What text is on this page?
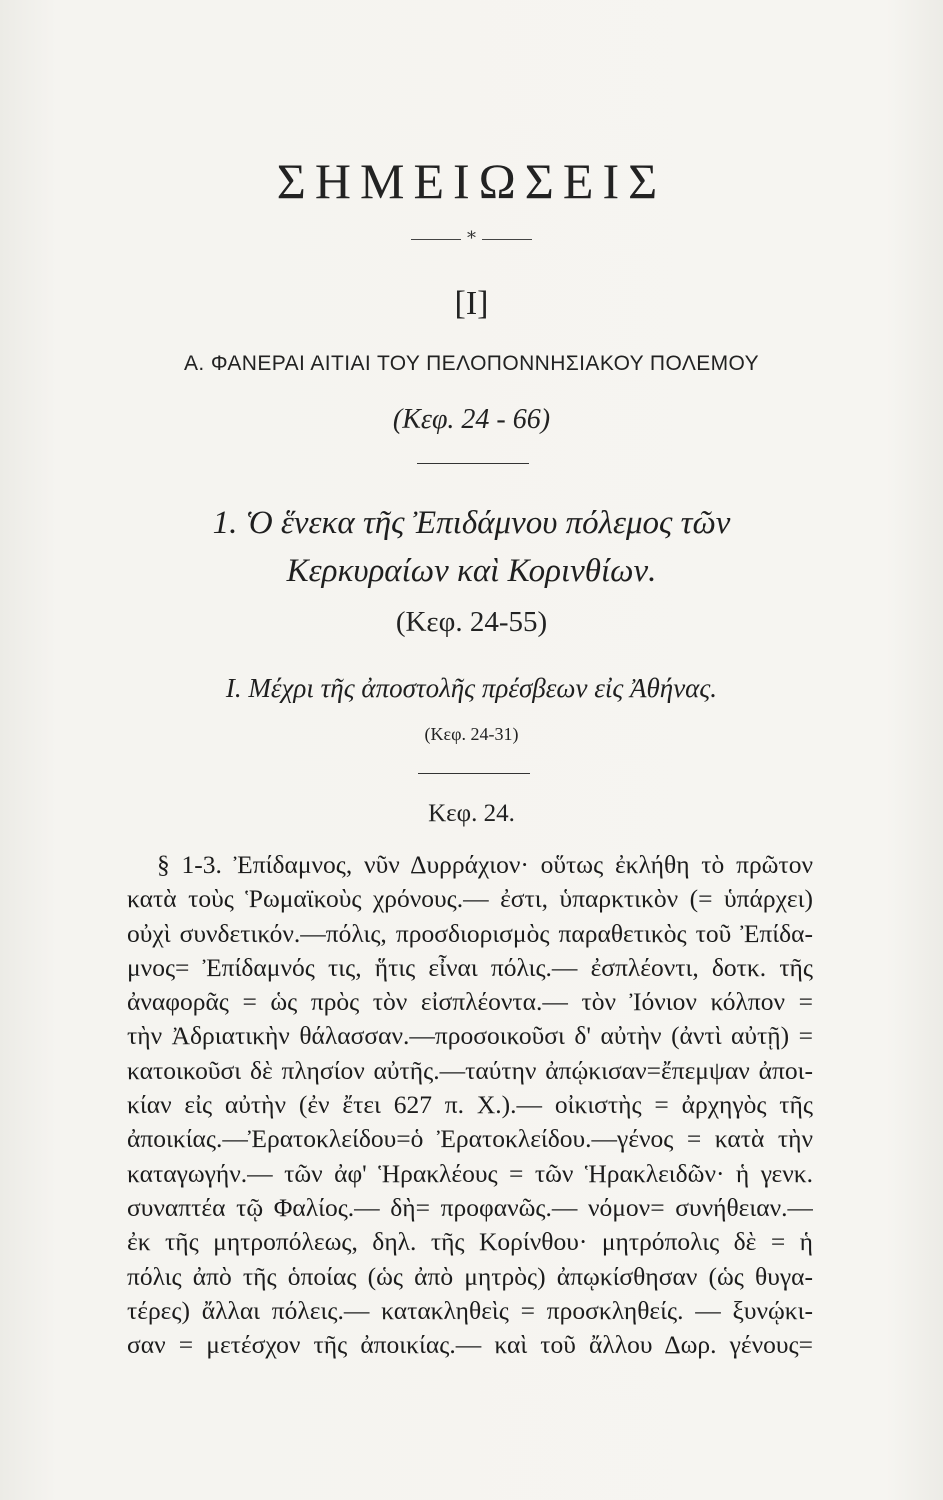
ΣΗΜΕΙΩΣΕΙΣ
*
[I]
Α. ΦΑΝΕΡΑΙ ΑΙΤΙΑΙ ΤΟΥ ΠΕΛΟΠΟΝΝΗΣΙΑΚΟΥ ΠΟΛΕΜΟΥ
(Κεφ. 24 - 66)
1. Ὁ ἕνεκα τῆς Ἐπιδάμνου πόλεμος τῶν
Κερκυραίων καὶ Κορινθίων.
(Κεφ. 24-55)
Ι. Μέχρι τῆς ἀποστολῆς πρέσβεων εἰς Ἀθήνας.
(Κεφ. 24-31)
Κεφ. 24.
§ 1-3. Ἐπίδαμνος, νῦν Δυρράχιον· οὕτως ἐκλήθη τὸ πρῶτον
κατὰ τοὺς Ῥωμαϊκοὺς χρόνους.— ἐστι, ὑπαρκτικὸν (= ὑπάρχει)
οὐχὶ συνδετικόν.—πόλις, προσδιορισμὸς παραθετικὸς τοῦ Ἐπίδα-
μνος= Ἐπίδαμνός τις, ἥτις εἶναι πόλις.— ἐσπλέοντι, δοτκ. τῆς
ἀναφορᾶς = ὡς πρὸς τὸν εἰσπλέοντα.— τὸν Ἰόνιον κόλπον =
τὴν Ἀδριατικὴν θάλασσαν.—προσοικοῦσι δ' αὐτὴν (ἀντὶ αὐτῇ) =
κατοικοῦσι δὲ πλησίον αὐτῆς.—ταύτην ἀπῴκισαν=ἔπεμψαν ἀποι-
κίαν εἰς αὐτὴν (ἐν ἔτει 627 π. Χ.).— οἰκιστὴς = ἀρχηγὸς τῆς
ἀποικίας.—Ἐρατοκλείδου=ὁ Ἐρατοκλείδου.—γένος = κατὰ τὴν
καταγωγήν.— τῶν ἀφ' Ἡρακλέους = τῶν Ἡρακλειδῶν· ἡ γενκ.
συναπτέα τῷ Φαλίος.— δὴ= προφανῶς.— νόμον= συνήθειαν.—
ἐκ τῆς μητροπόλεως, δηλ. τῆς Κορίνθου· μητρόπολις δὲ = ἡ
πόλις ἀπὸ τῆς ὁποίας (ὡς ἀπὸ μητρὸς) ἀπῳκίσθησαν (ὡς θυγα-
τέρες) ἄλλαι πόλεις.— κατακληθεὶς = προσκληθείς. — ξυνῴκι-
σαν = μετέσχον τῆς ἀποικίας.— καὶ τοῦ ἄλλου Δωρ. γένους=
